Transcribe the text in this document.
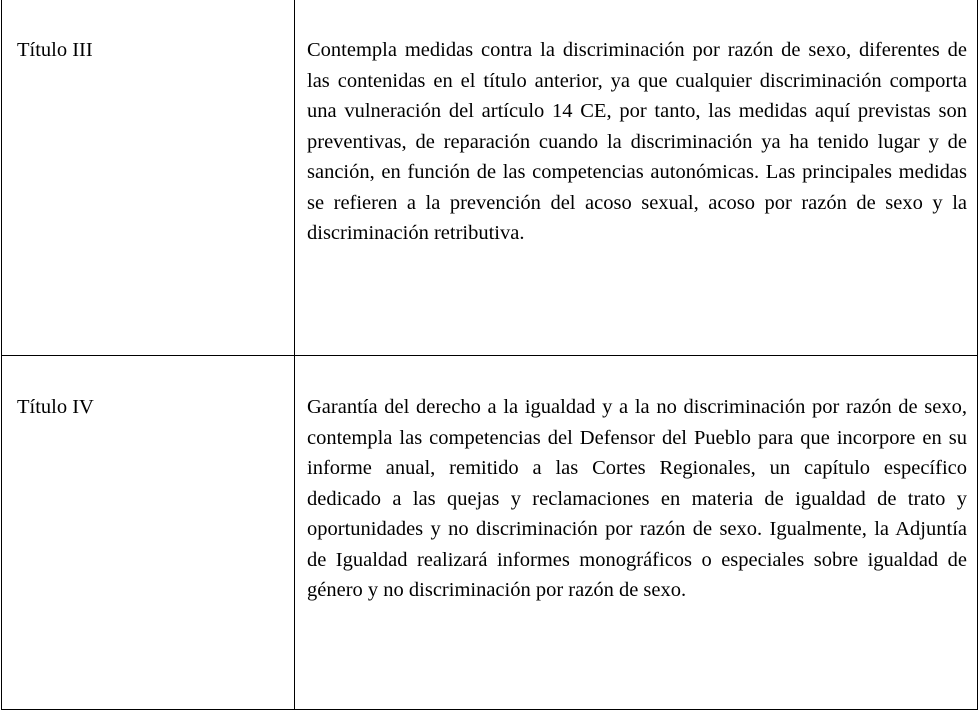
Título III	Contempla medidas contra la discriminación por razón de sexo, diferentes de las contenidas en el título anterior, ya que cualquier discriminación comporta una vulneración del artículo 14 CE, por tanto, las medidas aquí previstas son preventivas, de reparación cuando la discriminación ya ha tenido lugar y de sanción, en función de las competencias autonómicas. Las principales medidas se refieren a la prevención del acoso sexual, acoso por razón de sexo y la discriminación retributiva.

Título IV	Garantía del derecho a la igualdad y a la no discriminación por razón de sexo, contempla las competencias del Defensor del Pueblo para que incorpore en su informe anual, remitido a las Cortes Regionales, un capítulo específico dedicado a las quejas y reclamaciones en materia de igualdad de trato y oportunidades y no discriminación por razón de sexo. Igualmente, la Adjuntía de Igualdad realizará informes monográficos o especiales sobre igualdad de género y no discriminación por razón de sexo.
